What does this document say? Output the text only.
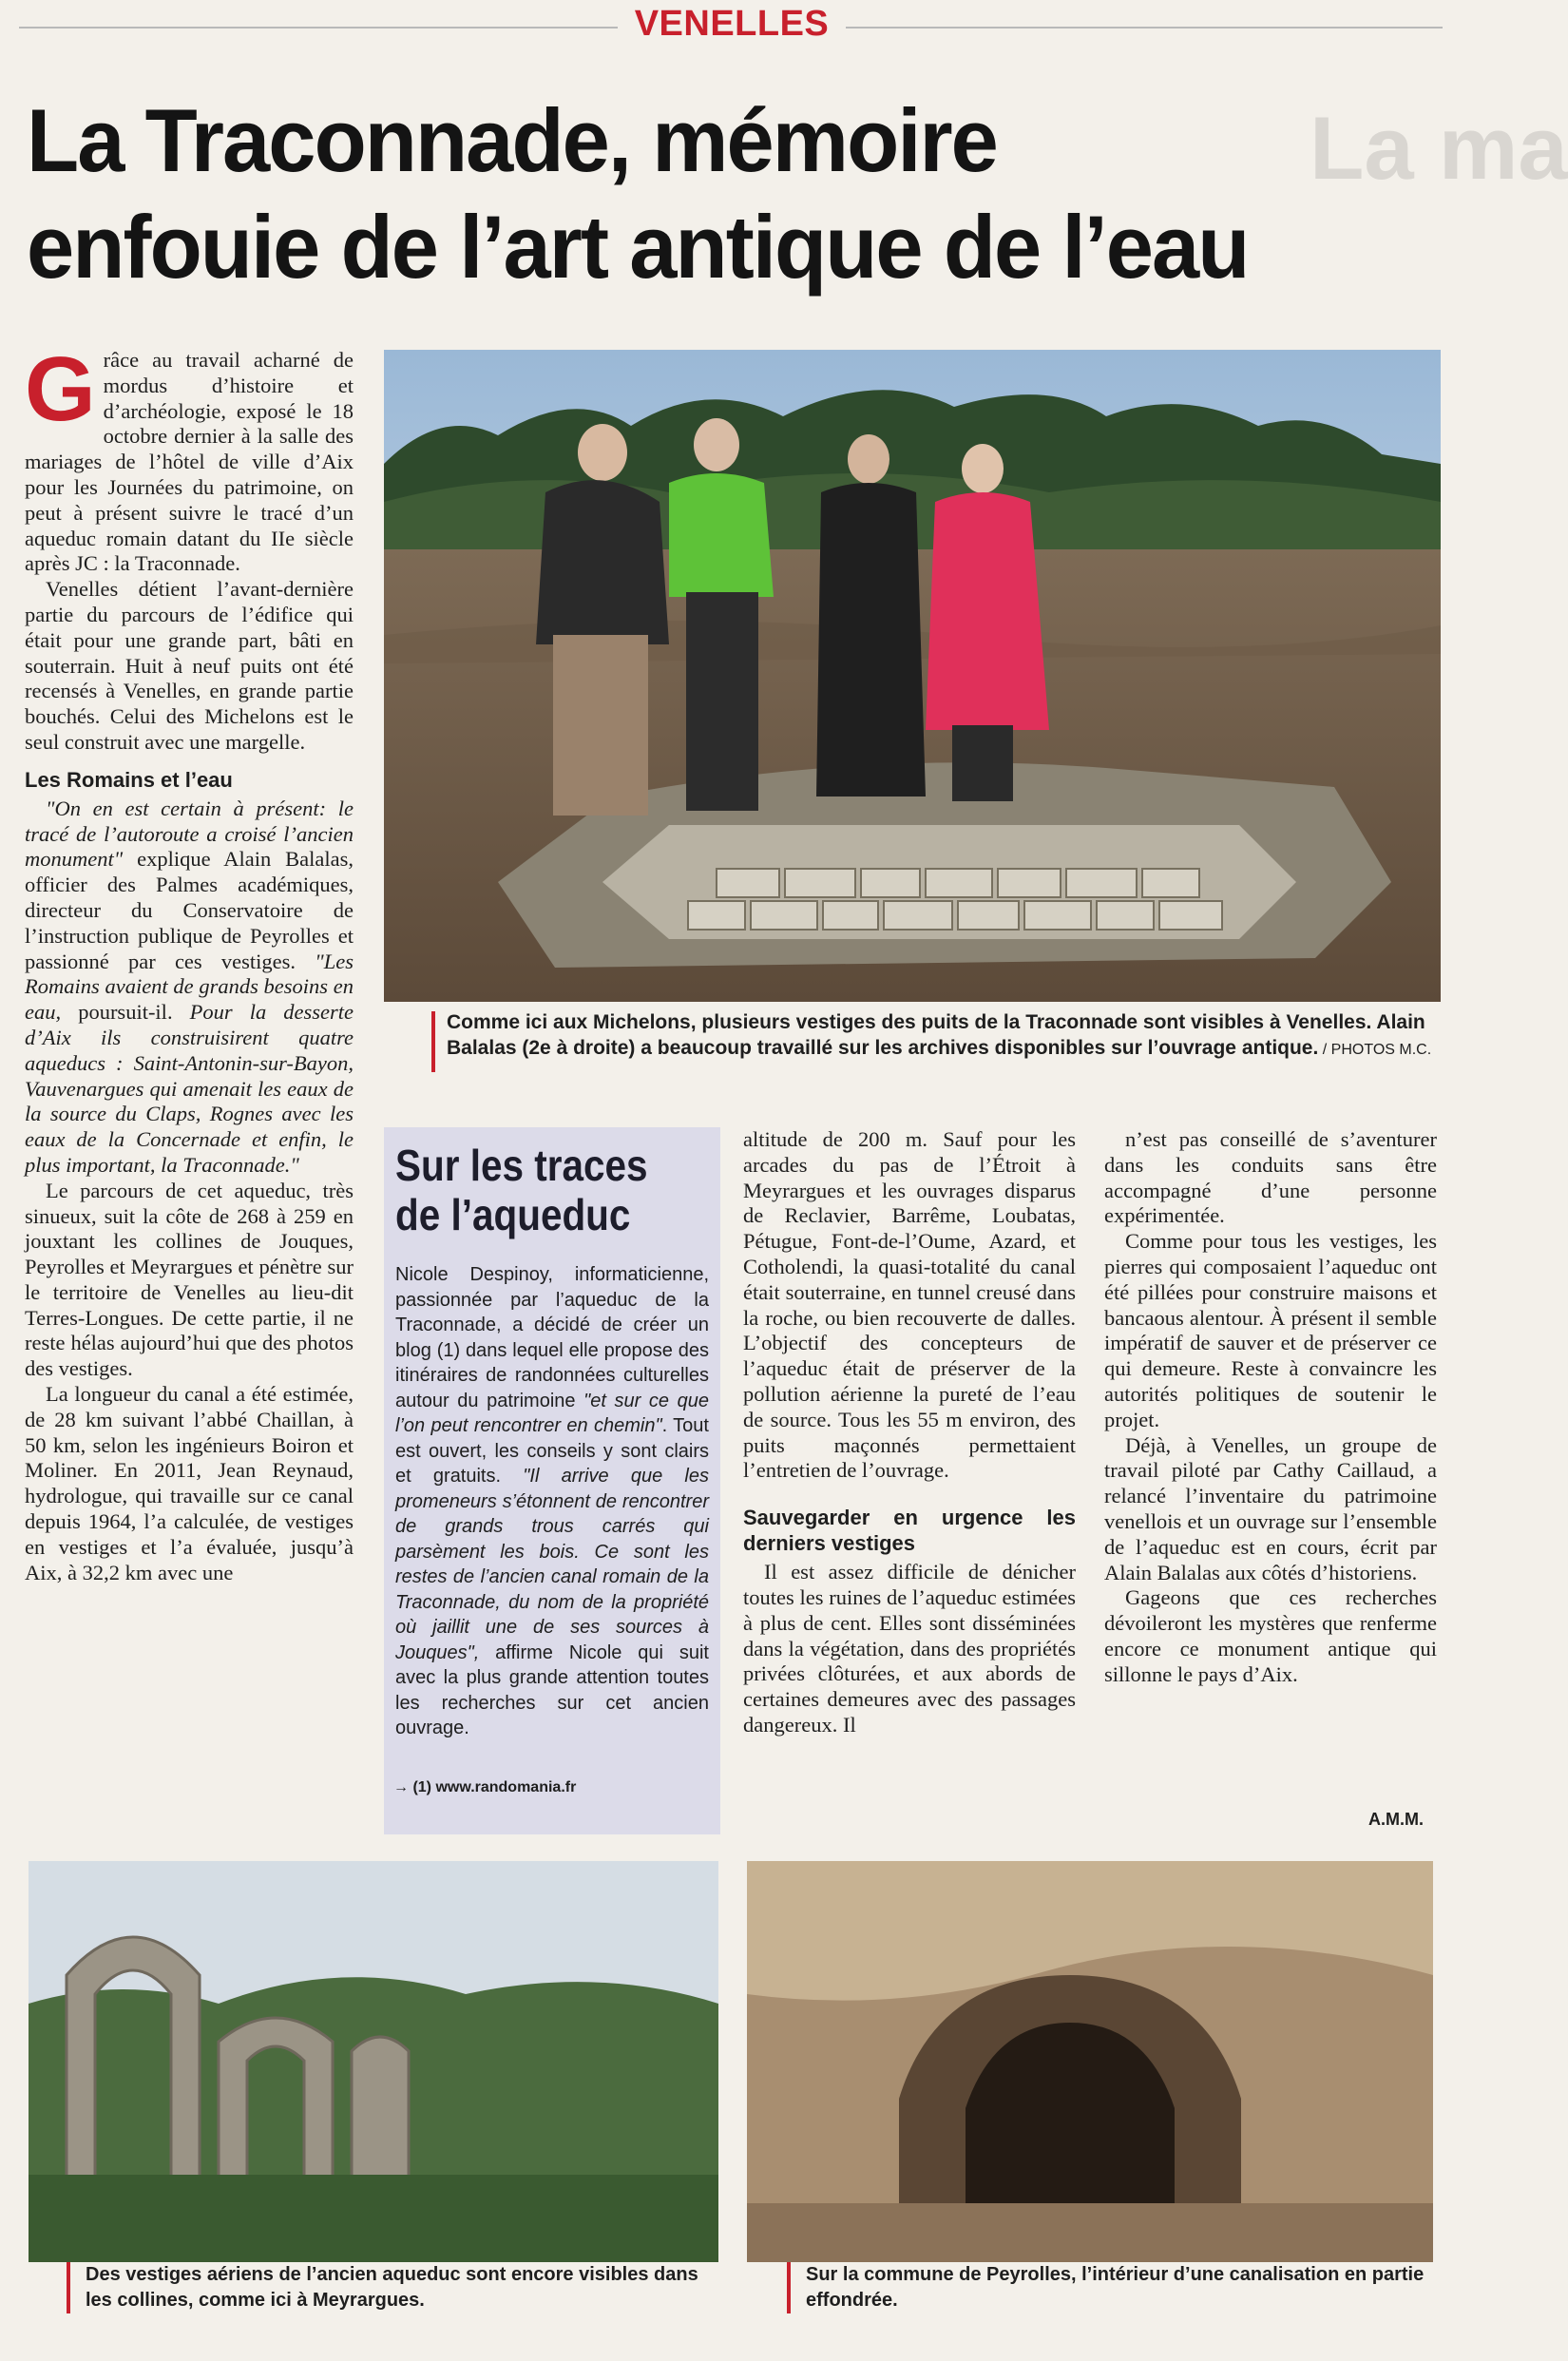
VENELLES
La ma
La Traconnade, mémoire
enfouie de l’art antique de l’eau

Grâce au travail acharné de mordus d’histoire et d’archéologie, exposé le 18 octobre dernier à la salle des mariages de l’hôtel de ville d’Aix pour les Journées du patrimoine, on peut à présent suivre le tracé d’un aqueduc romain datant du IIe siècle après JC : la Traconnade.

Venelles détient l’avant-dernière partie du parcours de l’édifice qui était pour une grande part, bâti en souterrain. Huit à neuf puits ont été recensés à Venelles, en grande partie bouchés. Celui des Michelons est le seul construit avec une margelle.

Les Romains et l’eau

"On en est certain à présent: le tracé de l’autoroute a croisé l’ancien monument" explique Alain Balalas, officier des Palmes académiques, directeur du Conservatoire de l’instruction publique de Peyrolles et passionné par ces vestiges. "Les Romains avaient de grands besoins en eau, poursuit-il. Pour la desserte d’Aix ils construisirent quatre aqueducs : Saint-Antonin-sur-Bayon, Vauvenargues qui amenait les eaux de la source du Claps, Rognes avec les eaux de la Concernade et enfin, le plus important, la Traconnade."

Le parcours de cet aqueduc, très sinueux, suit la côte de 268 à 259 en jouxtant les collines de Jouques, Peyrolles et Meyrargues et pénètre sur le territoire de Venelles au lieu-dit Terres-Longues. De cette partie, il ne reste hélas aujourd’hui que des photos des vestiges.

La longueur du canal a été estimée, de 28 km suivant l’abbé Chaillan, à 50 km, selon les ingénieurs Boiron et Moliner. En 2011, Jean Reynaud, hydrologue, qui travaille sur ce canal depuis 1964, l’a calculée, de vestiges en vestiges et l’a évaluée, jusqu’à Aix, à 32,2 km avec une

Comme ici aux Michelons, plusieurs vestiges des puits de la Traconnade sont visibles à Venelles. Alain Balalas (2e à droite) a beaucoup travaillé sur les archives disponibles sur l’ouvrage antique. / PHOTOS M.C.
Sur les traces
de l’aqueduc
Nicole Despinoy, informaticienne, passionnée par l’aqueduc de la Traconnade, a décidé de créer un blog (1) dans lequel elle propose des itinéraires de randonnées culturelles autour du patrimoine "et sur ce que l’on peut rencontrer en chemin". Tout est ouvert, les conseils y sont clairs et gratuits. "Il arrive que les promeneurs s’étonnent de rencontrer de grands trous carrés qui parsèment les bois. Ce sont les restes de l’ancien canal romain de la Traconnade, du nom de la propriété où jaillit une de ses sources à Jouques", affirme Nicole qui suit avec la plus grande attention toutes les recherches sur cet ancien ouvrage.
→ (1) www.randomania.fr

altitude de 200 m. Sauf pour les arcades du pas de l’Étroit à Meyrargues et les ouvrages disparus de Reclavier, Barrême, Loubatas, Pétugue, Font-de-l’Oume, Azard, et Cotholendi, la quasi-totalité du canal était souterraine, en tunnel creusé dans la roche, ou bien recouverte de dalles. L’objectif des concepteurs de l’aqueduc était de préserver de la pollution aérienne la pureté de l’eau de source. Tous les 55 m environ, des puits maçonnés permettaient l’entretien de l’ouvrage.

Sauvegarder en urgence les derniers vestiges

Il est assez difficile de dénicher toutes les ruines de l’aqueduc estimées à plus de cent. Elles sont disséminées dans la végétation, dans des propriétés privées clôturées, et aux abords de certaines demeures avec des passages dangereux. Il

n’est pas conseillé de s’aventurer dans les conduits sans être accompagné d’une personne expérimentée.

Comme pour tous les vestiges, les pierres qui composaient l’aqueduc ont été pillées pour construire maisons et bancaous alentour. À présent il semble impératif de sauver et de préserver ce qui demeure. Reste à convaincre les autorités politiques de soutenir le projet.

Déjà, à Venelles, un groupe de travail piloté par Cathy Caillaud, a relancé l’inventaire du patrimoine venellois et un ouvrage sur l’ensemble de l’aqueduc est en cours, écrit par Alain Balalas aux côtés d’historiens.

Gageons que ces recherches dévoileront les mystères que renferme encore ce monument antique qui sillonne le pays d’Aix.

A.M.M.
Des vestiges aériens de l’ancien aqueduc sont encore visibles dans les collines, comme ici à Meyrargues.
Sur la commune de Peyrolles, l’intérieur d’une canalisation en partie effondrée.
